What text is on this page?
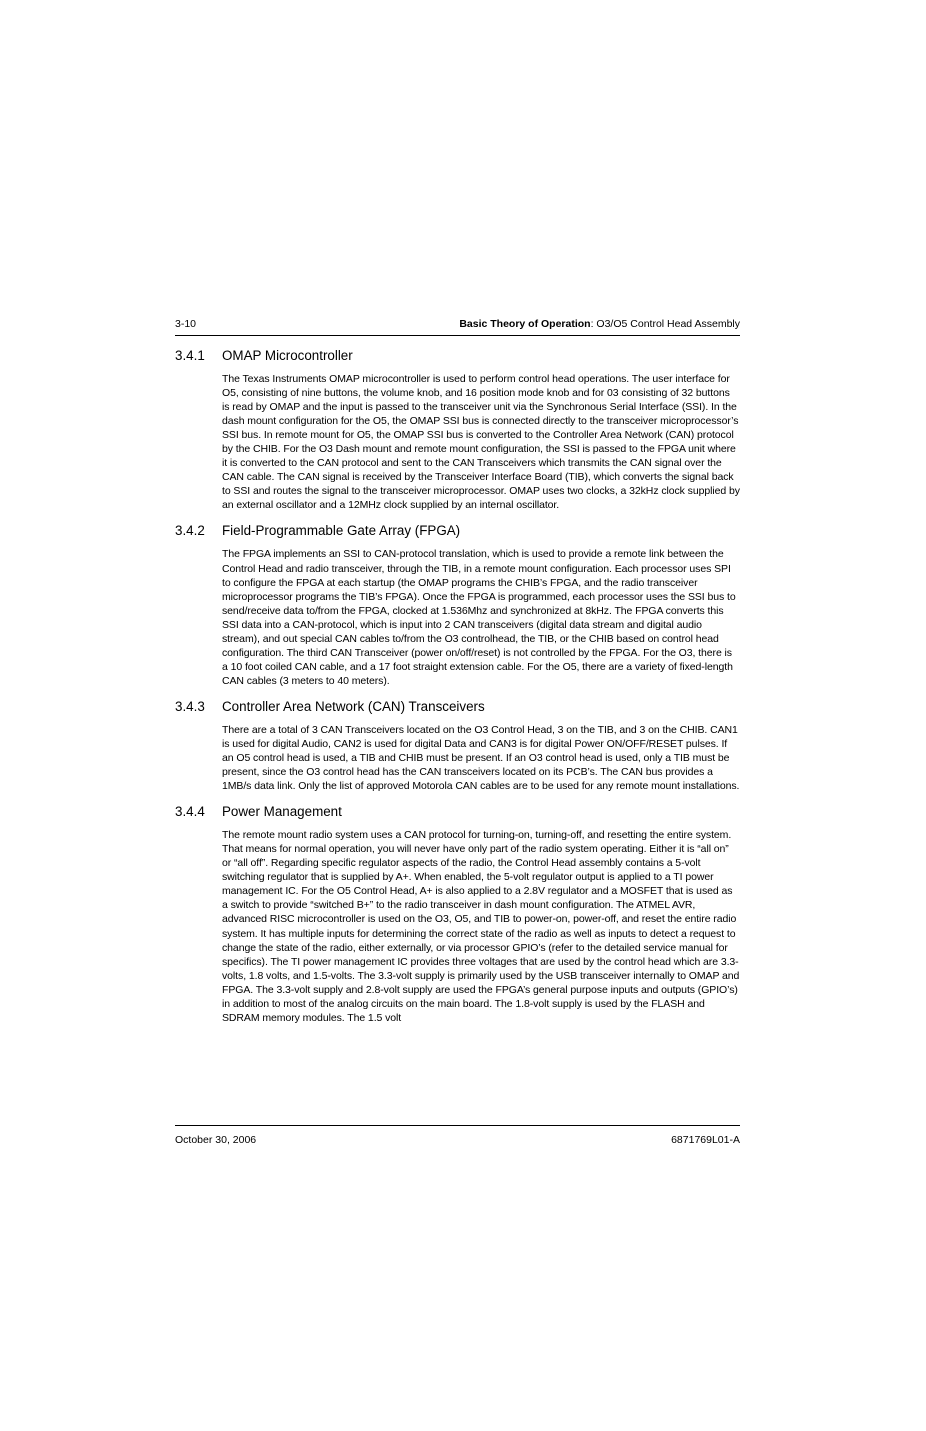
3-10	Basic Theory of Operation: O3/O5 Control Head Assembly
3.4.1 OMAP Microcontroller

The Texas Instruments OMAP microcontroller is used to perform control head operations. The user interface for O5, consisting of nine buttons, the volume knob, and 16 position mode knob and for 03 consisting of 32 buttons is read by OMAP and the input is passed to the transceiver unit via the Synchronous Serial Interface (SSI). In the dash mount configuration for the O5, the OMAP SSI bus is connected directly to the transceiver microprocessor’s SSI bus. In remote mount for O5, the OMAP SSI bus is converted to the Controller Area Network (CAN) protocol by the CHIB. For the O3 Dash mount and remote mount configuration, the SSI is passed to the FPGA unit where it is converted to the CAN protocol and sent to the CAN Transceivers which transmits the CAN signal over the CAN cable. The CAN signal is received by the Transceiver Interface Board (TIB), which converts the signal back to SSI and routes the signal to the transceiver microprocessor. OMAP uses two clocks, a 32kHz clock supplied by an external oscillator and a 12MHz clock supplied by an internal oscillator.

3.4.2 Field-Programmable Gate Array (FPGA)

The FPGA implements an SSI to CAN-protocol translation, which is used to provide a remote link between the Control Head and radio transceiver, through the TIB, in a remote mount configuration. Each processor uses SPI to configure the FPGA at each startup (the OMAP programs the CHIB’s FPGA, and the radio transceiver microprocessor programs the TIB’s FPGA). Once the FPGA is programmed, each processor uses the SSI bus to send/receive data to/from the FPGA, clocked at 1.536Mhz and synchronized at 8kHz. The FPGA converts this SSI data into a CAN-protocol, which is input into 2 CAN transceivers (digital data stream and digital audio stream), and out special CAN cables to/from the O3 controlhead, the TIB, or the CHIB based on control head configuration. The third CAN Transceiver (power on/off/reset) is not controlled by the FPGA. For the O3, there is a 10 foot coiled CAN cable, and a 17 foot straight extension cable. For the O5, there are a variety of fixed-length CAN cables (3 meters to 40 meters).

3.4.3 Controller Area Network (CAN) Transceivers

There are a total of 3 CAN Transceivers located on the O3 Control Head, 3 on the TIB, and 3 on the CHIB. CAN1 is used for digital Audio, CAN2 is used for digital Data and CAN3 is for digital Power ON/OFF/RESET pulses. If an O5 control head is used, a TIB and CHIB must be present. If an O3 control head is used, only a TIB must be present, since the O3 control head has the CAN transceivers located on its PCB’s. The CAN bus provides a 1MB/s data link. Only the list of approved Motorola CAN cables are to be used for any remote mount installations.

3.4.4 Power Management

The remote mount radio system uses a CAN protocol for turning-on, turning-off, and resetting the entire system. That means for normal operation, you will never have only part of the radio system operating. Either it is “all on” or “all off”. Regarding specific regulator aspects of the radio, the Control Head assembly contains a 5-volt switching regulator that is supplied by A+. When enabled, the 5-volt regulator output is applied to a TI power management IC. For the O5 Control Head, A+ is also applied to a 2.8V regulator and a MOSFET that is used as a switch to provide “switched B+” to the radio transceiver in dash mount configuration. The ATMEL AVR, advanced RISC microcontroller is used on the O3, O5, and TIB to power-on, power-off, and reset the entire radio system. It has multiple inputs for determining the correct state of the radio as well as inputs to detect a request to change the state of the radio, either externally, or via processor GPIO’s (refer to the detailed service manual for specifics). The TI power management IC provides three voltages that are used by the control head which are 3.3-volts, 1.8 volts, and 1.5-volts. The 3.3-volt supply is primarily used by the USB transceiver internally to OMAP and FPGA. The 3.3-volt supply and 2.8-volt supply are used the FPGA’s general purpose inputs and outputs (GPIO’s) in addition to most of the analog circuits on the main board. The 1.8-volt supply is used by the FLASH and SDRAM memory modules. The 1.5 volt

October 30, 2006	6871769L01-A
